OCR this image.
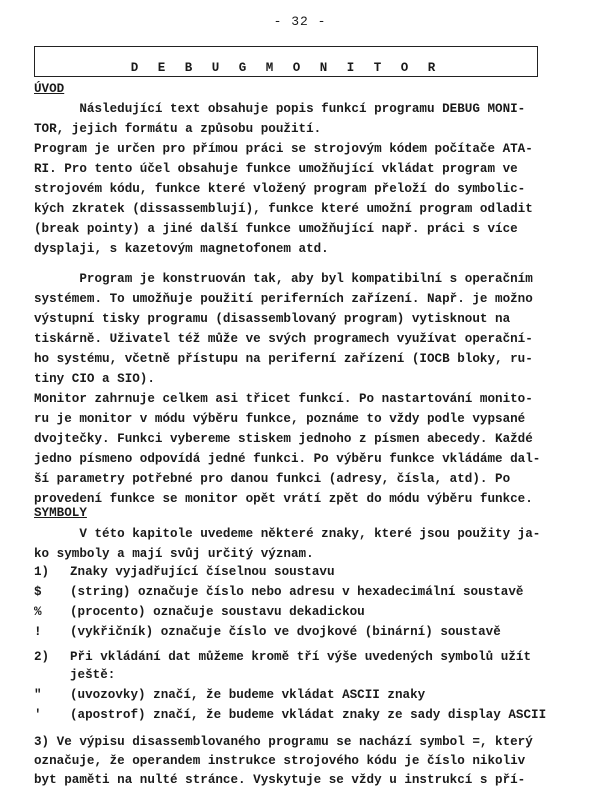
- 32 -
D E B U G M O N I T O R
ÚVOD
Následující text obsahuje popis funkcí programu DEBUG MONI-
TOR, jejich formátu a způsobu použití.
Program je určen pro přímou práci se strojovým kódem počítače ATA-
RI. Pro tento účel obsahuje funkce umožňující vkládat program ve
strojovém kódu, funkce které vložený program přeloží do symbolic-
kých zkratek (dissassemblují), funkce které umožní program odladit
(break pointy) a jiné další funkce umožňující např. práci s více
dysplaji, s kazetovým magnetofonem atd.
Program je konstruován tak, aby byl kompatibilní s operačním
systémem. To umožňuje použití periferních zařízení. Např. je možno
výstupní tisky programu (disassemblovaný program) vytisknout na
tiskárně. Uživatel též může ve svých programech využívat operační-
ho systému, včetně přístupu na periferní zařízení (IOCB bloky, ru-
tiny CIO a SIO).
Monitor zahrnuje celkem asi třicet funkcí. Po nastartování monito-
ru je monitor v módu výběru funkce, poznáme to vždy podle vypsané
dvojtečky. Funkci vybereme stiskem jednoho z písmen abecedy. Každé
jedno písmeno odpovídá jedné funkci. Po výběru funkce vkládáme dal-
ší parametry potřebné pro danou funkci (adresy, čísla, atd). Po
provedení funkce se monitor opět vrátí zpět do módu výběru funkce.
SYMBOLY
V této kapitole uvedeme některé znaky, které jsou použity ja-
ko symboly a mají svůj určitý význam.
1) Znaky vyjadřující číselnou soustavu
$ (string) označuje číslo nebo adresu v hexadecimální soustavě
% (procento) označuje soustavu dekadickou
! (vykřičník) označuje číslo ve dvojkové (binární) soustavě
2) Při vkládání dat můžeme kromě tří výše uvedených symbolů užít
ještě:
" (uvozovky) značí, že budeme vkládat ASCII znaky
' (apostrof) značí, že budeme vkládat znaky ze sady display ASCII
3) Ve výpisu disassemblovaného programu se nachází symbol =, který
označuje, že operandem instrukce strojového kódu je číslo nikoliv
byt paměti na nulté stránce. Vyskytuje se vždy u instrukcí s pří-
